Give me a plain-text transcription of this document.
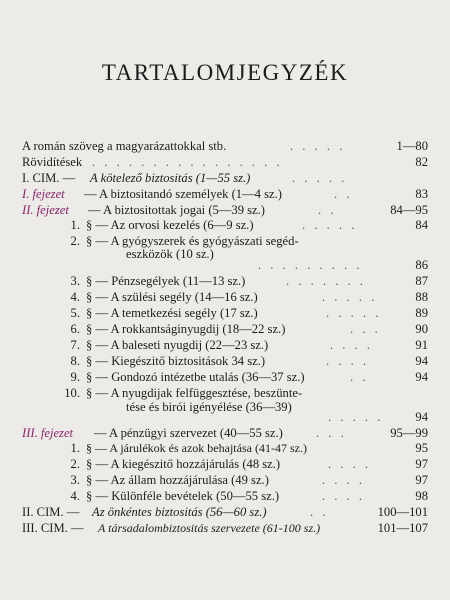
TARTALOMJEGYZÉK
A román szöveg a magyarázattokkal stb.	. . . . .	1—80
Rövidítések . . . . . . . . . . . . . . . .	82
I. CIM. — A kötelező biztositás (1—55 sz.)	. . . . .
I. fejezet — A biztositandó személyek (1—4 sz.)	. .	83
II. fejezet — A biztositottak jogai (5—39 sz.)	. .	84—95
1. § — Az orvosi kezelés (6—9 sz.)	. . . . .	84
2. § — A gyógyszerek és gyógyászati segéd-
eszközök (10 sz.)
. . . . . . . . .	86
3. § — Pénzsegélyek (11—13 sz.)	. . . . . . .	87
4. § — A szülési segély (14—16 sz.)	. . . . .	88
5. § — A temetkezési segély (17 sz.)	. . . . .	89
6. § — A rokkantságinyugdij (18—22 sz.)	. . .	90
7. § — A baleseti nyugdij (22—23 sz.)	. . . .	91
8. § — Kiegészitő biztositások 34 sz.)	. . . .	94
9. § — Gondozó intézetbe utalás (36—37 sz.)	. .	94
10. § — A nyugdijak felfüggesztése, beszünte-
tése és birói igényélése (36—39)
. . . . .	94
III. fejezet — A pénzügyi szervezet (40—55 sz.)	. . .	95—99
1. § — A járulékok és azok behajtása (41-47 sz.)	95
2. § — A kiegészitő hozzájárulás (48 sz.)	. . . .	97
3. § — Az állam hozzájárulása (49 sz.)	. . . .	97
4. § — Különféle bevételek (50—55 sz.)	. . . .	98
II. CIM. — Az önkéntes biztositás (56—60 sz.)	. .	100—101
III. CIM. — A társadalombiztositás szervezete (61-100 sz.)	101—107
